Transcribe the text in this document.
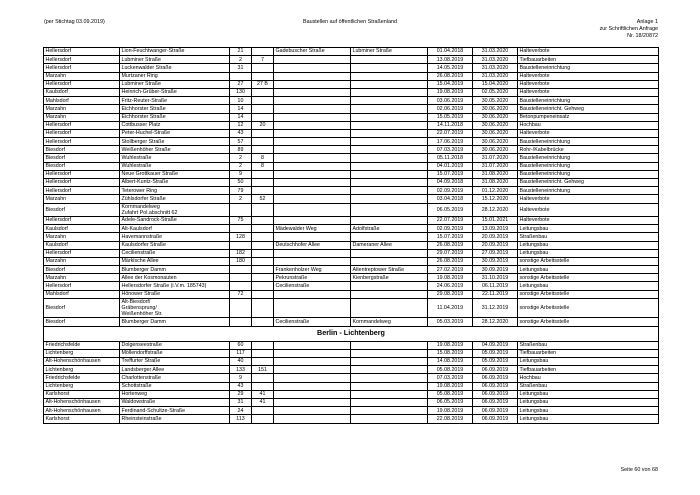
(per Stichtag 03.09.2019)	Baustellen auf öffentlichen Straßenland	Anlage 1
zur Schriftlichen Anfrage
Nr. 18/20872
Hellersdorf	Lion-Feuchtwanger-Straße	21		Gadebuscher Straße	Lubminer Straße	01.04.2018	31.03.2020	Halteverbote
Hellersdorf	Lubminer Straße	2	7			13.08.2019	31.03.2020	Tiefbauarbeiten
Hellersdorf	Luckenwalder Straße	31				14.05.2019	31.03.2020	Baustelleneinrichtung
Marzahn	Murtzaner Ring					26.08.2019	31.03.2020	Halteverbote
Hellersdorf	Lubminer Straße	27	27 B			15.04.2019	15.04.2020	Halteverbote
Kaulsdorf	Heinrich-Grüber-Straße	130				19.08.2019	02.05.2020	Halteverbote
Mahlsdorf	Fritz-Reuter-Straße	10				03.06.2019	30.05.2020	Baustelleneinrichtung
Marzahn	Eichhorster Straße	14				02.06.2019	30.06.2020	Baustelleneinricht. Gehweg
Marzahn	Eichhorster Straße	14				15.05.2019	30.06.2020	Betonpumpeneinsatz
Hellersdorf	Cottbusser Platz	12	20			14.11.2018	30.06.2020	Hochbau
Hellersdorf	Peter-Huchel-Straße	43				22.07.2019	30.06.2020	Halteverbote
Hellersdorf	Stollberger Straße	57				17.06.2019	30.06.2020	Baustelleneinrichtung
Biesdorf	Weißenhöher Straße	89				07.03.2019	30.06.2020	Rohr-/Kabelbrücke
Biesdorf	Wuhlestraße	2	8			05.11.2018	31.07.2020	Baustelleneinrichtung
Biesdorf	Wuhlestraße	2	8			04.01.2019	31.07.2020	Baustelleneinrichtung
Hellersdorf	Neue Grottkauer Straße	9				15.07.2019	31.08.2020	Baustelleneinrichtung
Hellersdorf	Albert-Kuntz-Straße	50				04.09.2018	31.08.2020	Baustelleneinricht. Gehweg
Hellersdorf	Teterower Ring	79				02.09.2019	01.12.2020	Baustelleneinrichtung
Marzahn	Zühlsdorfer Straße	2	52			03.04.2018	15.12.2020	Halteverbote
Biesdorf	Kornmandelweg
Zufahrt Pol.abschnitt 62					06.05.2019	28.12.2020	Halteverbote
Hellersdorf	Adele-Sandrock-Straße	75				22.07.2019	15.01.2021	Halteverbote
Kaulsdorf	Alt-Kaulsdorf			Mädewalder Weg	Adolfstraße	02.09.2019	13.09.2019	Leitungsbau
Marzahn	Havemannstraße	128				15.07.2019	20.09.2019	Straßenbau
Kaulsdorf	Kaulsdorfer Straße			Deutschhofer Allee	Dameraner Allee	26.08.2019	20.09.2019	Leitungsbau
Hellersdorf	Cecilienstraße	182				29.07.2019	27.09.2019	Leitungsbau
Marzahn	Märkische Allee	180				26.08.2019	30.09.2019	sonstige Arbeitsstelle
Biesdorf	Blumberger Damm			Frankenholzer Weg	Altentreptower Straße	27.02.2019	30.09.2019	Leitungsbau
Marzahn	Allee der Kosmonauten			Pekrunstraße	Kienbergstraße	19.08.2019	31.10.2019	sonstige Arbeitsstelle
Hellersdorf	Hellersdorfer Straße (i.V.m. 185743)			Cecilienstraße		24.06.2019	06.11.2019	Leitungsbau
Mahlsdorf	Hönower Straße	72				29.08.2019	22.11.2019	sonstige Arbeitsstelle
Biesdorf	Alt-Biesdorf/
Gräbensprung/
Weißenhöher Str.					11.04.2019	31.12.2019	sonstige Arbeitsstelle
Biesdorf	Blumberger Damm			Cecilienstraße	Kornmandelweg	05.03.2019	28.12.2020	sonstige Arbeitsstelle
Berlin - Lichtenberg								
Friedrichsfelde	Dolgenseestraße	60				19.08.2019	04.09.2019	Straßenbau
Lichtenberg	Möllendorffstraße	117				15.08.2019	05.09.2019	Tiefbauarbeiten
Alt-Hohenschönhausen	Treffurter Straße	40				14.08.2019	05.09.2019	Leitungsbau
Lichtenberg	Landsberger Allee	133	151			05.08.2019	06.09.2019	Tiefbauarbeiten
Friedrichsfelde	Charlottenstraße	9				07.03.2019	06.09.2019	Hochbau
Lichtenberg	Schottstraße	43				19.08.2019	06.09.2019	Straßenbau
Karlshorst	Hortenweg	29	41			05.08.2019	06.09.2019	Leitungsbau
Alt-Hohenschönhausen	Waldowstraße	31	41			06.05.2019	06.09.2019	Leitungsbau
Alt-Hohenschönhausen	Ferdinand-Schultze-Straße	24				19.08.2019	06.09.2019	Leitungsbau
Karlshorst	Rheinsteinstraße	113				22.08.2019	06.09.2019	Leitungsbau
Seite 60 von 68
